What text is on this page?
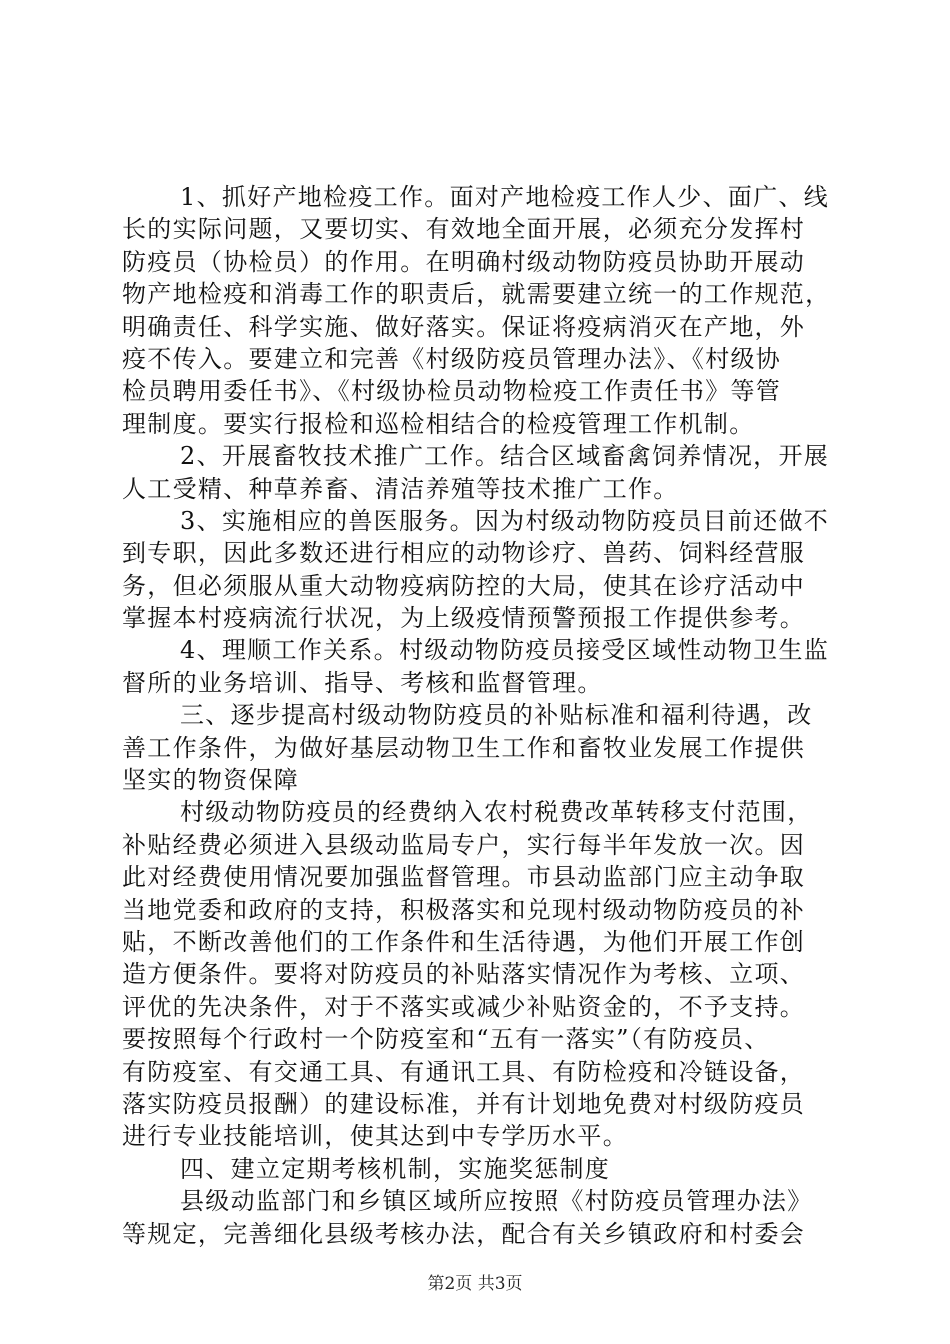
1、抓好产地检疫工作。面对产地检疫工作人少、面广、线
长的实际问题，又要切实、有效地全面开展，必须充分发挥村
防疫员（协检员）的作用。在明确村级动物防疫员协助开展动
物产地检疫和消毒工作的职责后，就需要建立统一的工作规范，
明确责任、科学实施、做好落实。保证将疫病消灭在产地，外
疫不传入。要建立和完善《村级防疫员管理办法》、《村级协
检员聘用委任书》、《村级协检员动物检疫工作责任书》等管
理制度。要实行报检和巡检相结合的检疫管理工作机制。
2、开展畜牧技术推广工作。结合区域畜禽饲养情况，开展
人工受精、种草养畜、清洁养殖等技术推广工作。
3、实施相应的兽医服务。因为村级动物防疫员目前还做不
到专职，因此多数还进行相应的动物诊疗、兽药、饲料经营服
务，但必须服从重大动物疫病防控的大局，使其在诊疗活动中
掌握本村疫病流行状况，为上级疫情预警预报工作提供参考。
4、理顺工作关系。村级动物防疫员接受区域性动物卫生监
督所的业务培训、指导、考核和监督管理。
三、逐步提高村级动物防疫员的补贴标准和福利待遇，改
善工作条件，为做好基层动物卫生工作和畜牧业发展工作提供
坚实的物资保障
村级动物防疫员的经费纳入农村税费改革转移支付范围，
补贴经费必须进入县级动监局专户，实行每半年发放一次。因
此对经费使用情况要加强监督管理。市县动监部门应主动争取
当地党委和政府的支持，积极落实和兑现村级动物防疫员的补
贴，不断改善他们的工作条件和生活待遇，为他们开展工作创
造方便条件。要将对防疫员的补贴落实情况作为考核、立项、
评优的先决条件，对于不落实或减少补贴资金的，不予支持。
要按照每个行政村一个防疫室和“五有一落实”（有防疫员、
有防疫室、有交通工具、有通讯工具、有防检疫和冷链设备，
落实防疫员报酬）的建设标准，并有计划地免费对村级防疫员
进行专业技能培训，使其达到中专学历水平。
四、建立定期考核机制，实施奖惩制度
县级动监部门和乡镇区域所应按照《村防疫员管理办法》
等规定，完善细化县级考核办法，配合有关乡镇政府和村委会
第2页 共3页
